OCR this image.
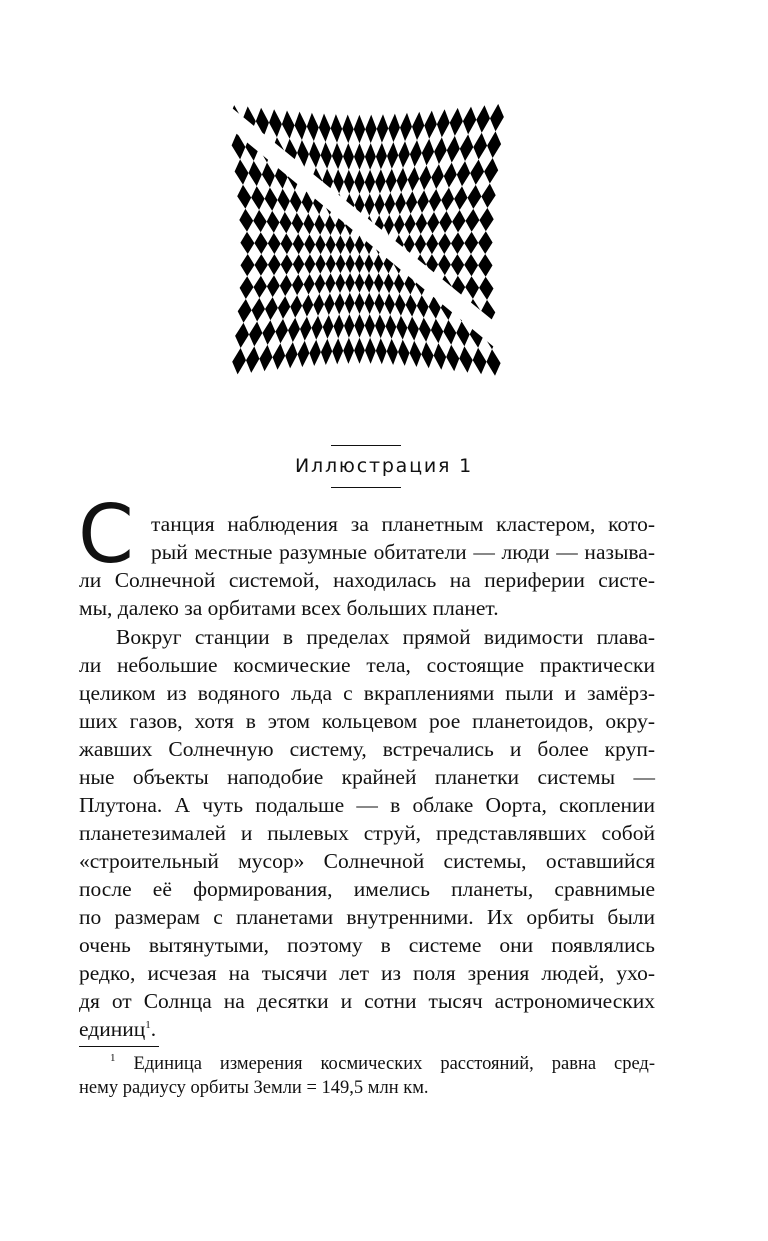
Иллюстрация 1
С танция наблюдения за планетным кластером, кото-
рый местные разумные обитатели — люди — называ-
ли Солнечной системой, находилась на периферии систе-
мы, далеко за орбитами всех больших планет.
Вокруг станции в пределах прямой видимости плава-
ли небольшие космические тела, состоящие практически
целиком из водяного льда с вкраплениями пыли и замёрз-
ших газов, хотя в этом кольцевом рое планетоидов, окру-
жавших Солнечную систему, встречались и более круп-
ные объекты наподобие крайней планетки системы —
Плутона. А чуть подальше — в облаке Оорта, скоплении
планетезималей и пылевых струй, представлявших собой
«строительный мусор» Солнечной системы, оставшийся
после её формирования, имелись планеты, сравнимые
по размерам с планетами внутренними. Их орбиты были
очень вытянутыми, поэтому в системе они появлялись
редко, исчезая на тысячи лет из поля зрения людей, ухо-
дя от Солнца на десятки и сотни тысяч астрономических
единиц$^1$.
$^1$ Единица измерения космических расстояний, равна сред-
нему радиусу орбиты Земли = 149,5 млн км.
